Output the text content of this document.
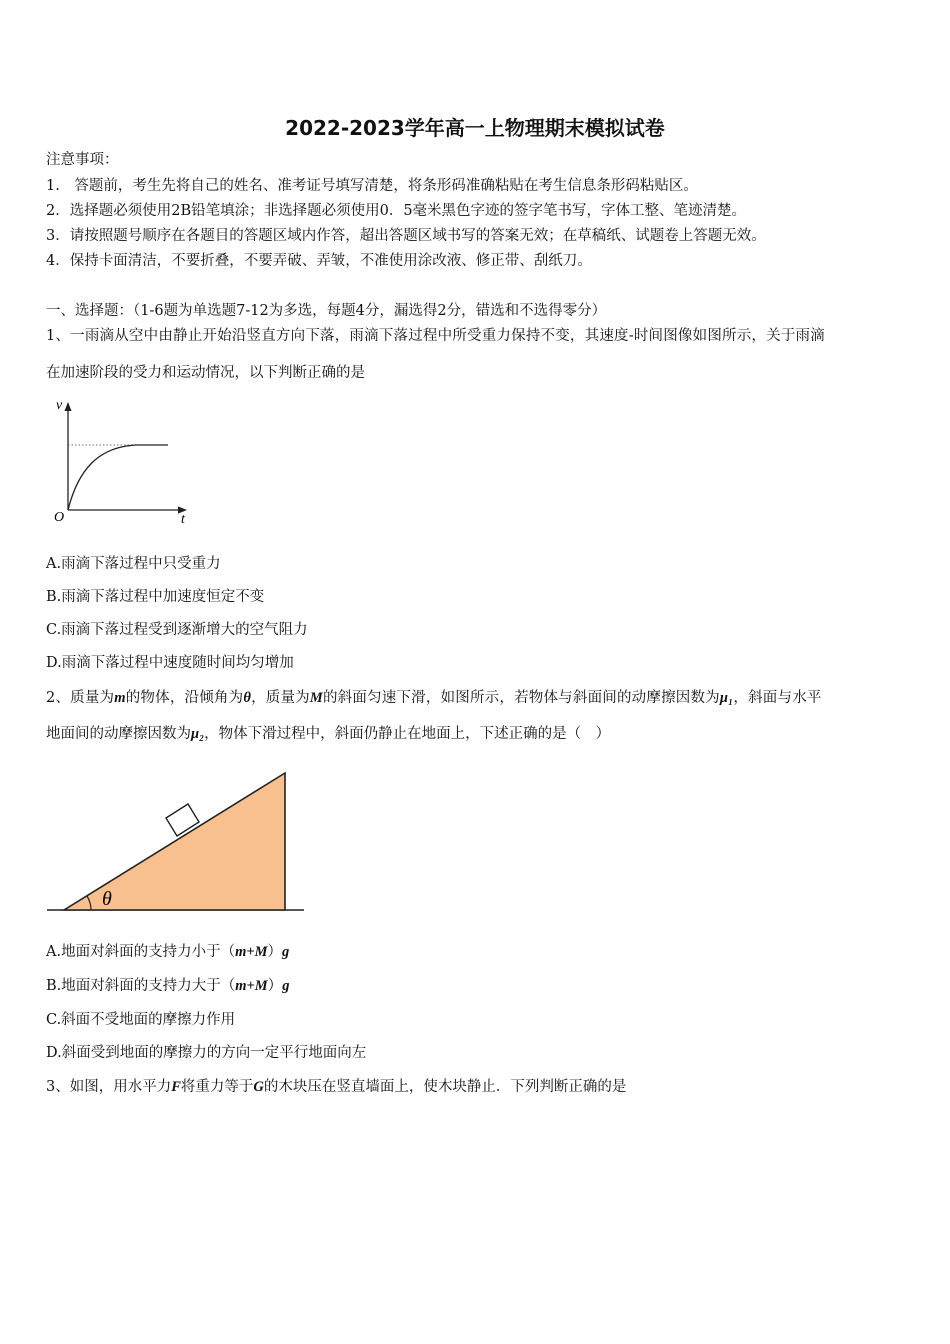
2022-2023学年高一上物理期末模拟试卷
注意事项：
1.　答题前，考生先将自己的姓名、准考证号填写清楚，将条形码准确粘贴在考生信息条形码粘贴区。
2．选择题必须使用2B铅笔填涂；非选择题必须使用0．5毫米黑色字迹的签字笔书写，字体工整、笔迹清楚。
3．请按照题号顺序在各题目的答题区域内作答，超出答题区域书写的答案无效；在草稿纸、试题卷上答题无效。
4．保持卡面清洁，不要折叠，不要弄破、弄皱，不准使用涂改液、修正带、刮纸刀。
一、选择题：（1-6题为单选题7-12为多选，每题4分，漏选得2分，错选和不选得零分）
1、一雨滴从空中由静止开始沿竖直方向下落，雨滴下落过程中所受重力保持不变，其速度-时间图像如图所示，关于雨滴
在加速阶段的受力和运动情况，以下判断正确的是
v
t
O
A.雨滴下落过程中只受重力
B.雨滴下落过程中加速度恒定不变
C.雨滴下落过程受到逐渐增大的空气阻力
D.雨滴下落过程中速度随时间均匀增加
2、质量为m的物体，沿倾角为θ，质量为M的斜面匀速下滑，如图所示，若物体与斜面间的动摩擦因数为μ₁，斜面与水平
地面间的动摩擦因数为μ₂，物体下滑过程中，斜面仍静止在地面上，下述正确的是（　）
θ
A.地面对斜面的支持力小于（m+M）g
B.地面对斜面的支持力大于（m+M）g
C.斜面不受地面的摩擦力作用
D.斜面受到地面的摩擦力的方向一定平行地面向左
3、如图，用水平力F将重力等于G的木块压在竖直墙面上，使木块静止．下列判断正确的是
